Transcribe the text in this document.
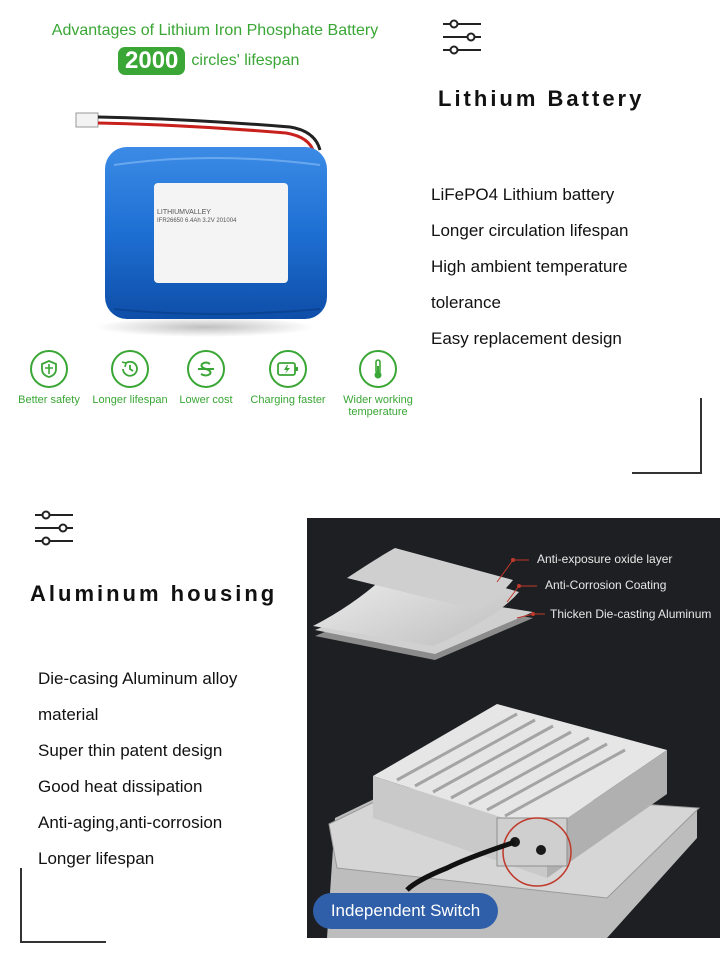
Advantages of Lithium Iron Phosphate Battery
2000 circles' lifespan
LITHIUMVALLEY
IFR26650 6.4Ah 3.2V 201004
Better safety	Longer lifespan	Lower cost	Charging faster Wider working
temperature
Lithium Battery
LiFePO4 Lithium battery
Longer circulation lifespan
High ambient temperature
tolerance
Easy replacement design
Aluminum housing
Die-casing Aluminum alloy
material
Super thin patent design
Good heat dissipation
Anti-aging,anti-corrosion
Longer lifespan
Anti-exposure oxide layer
Anti-Corrosion Coating
Thicken Die-casting Aluminum
Independent Switch
